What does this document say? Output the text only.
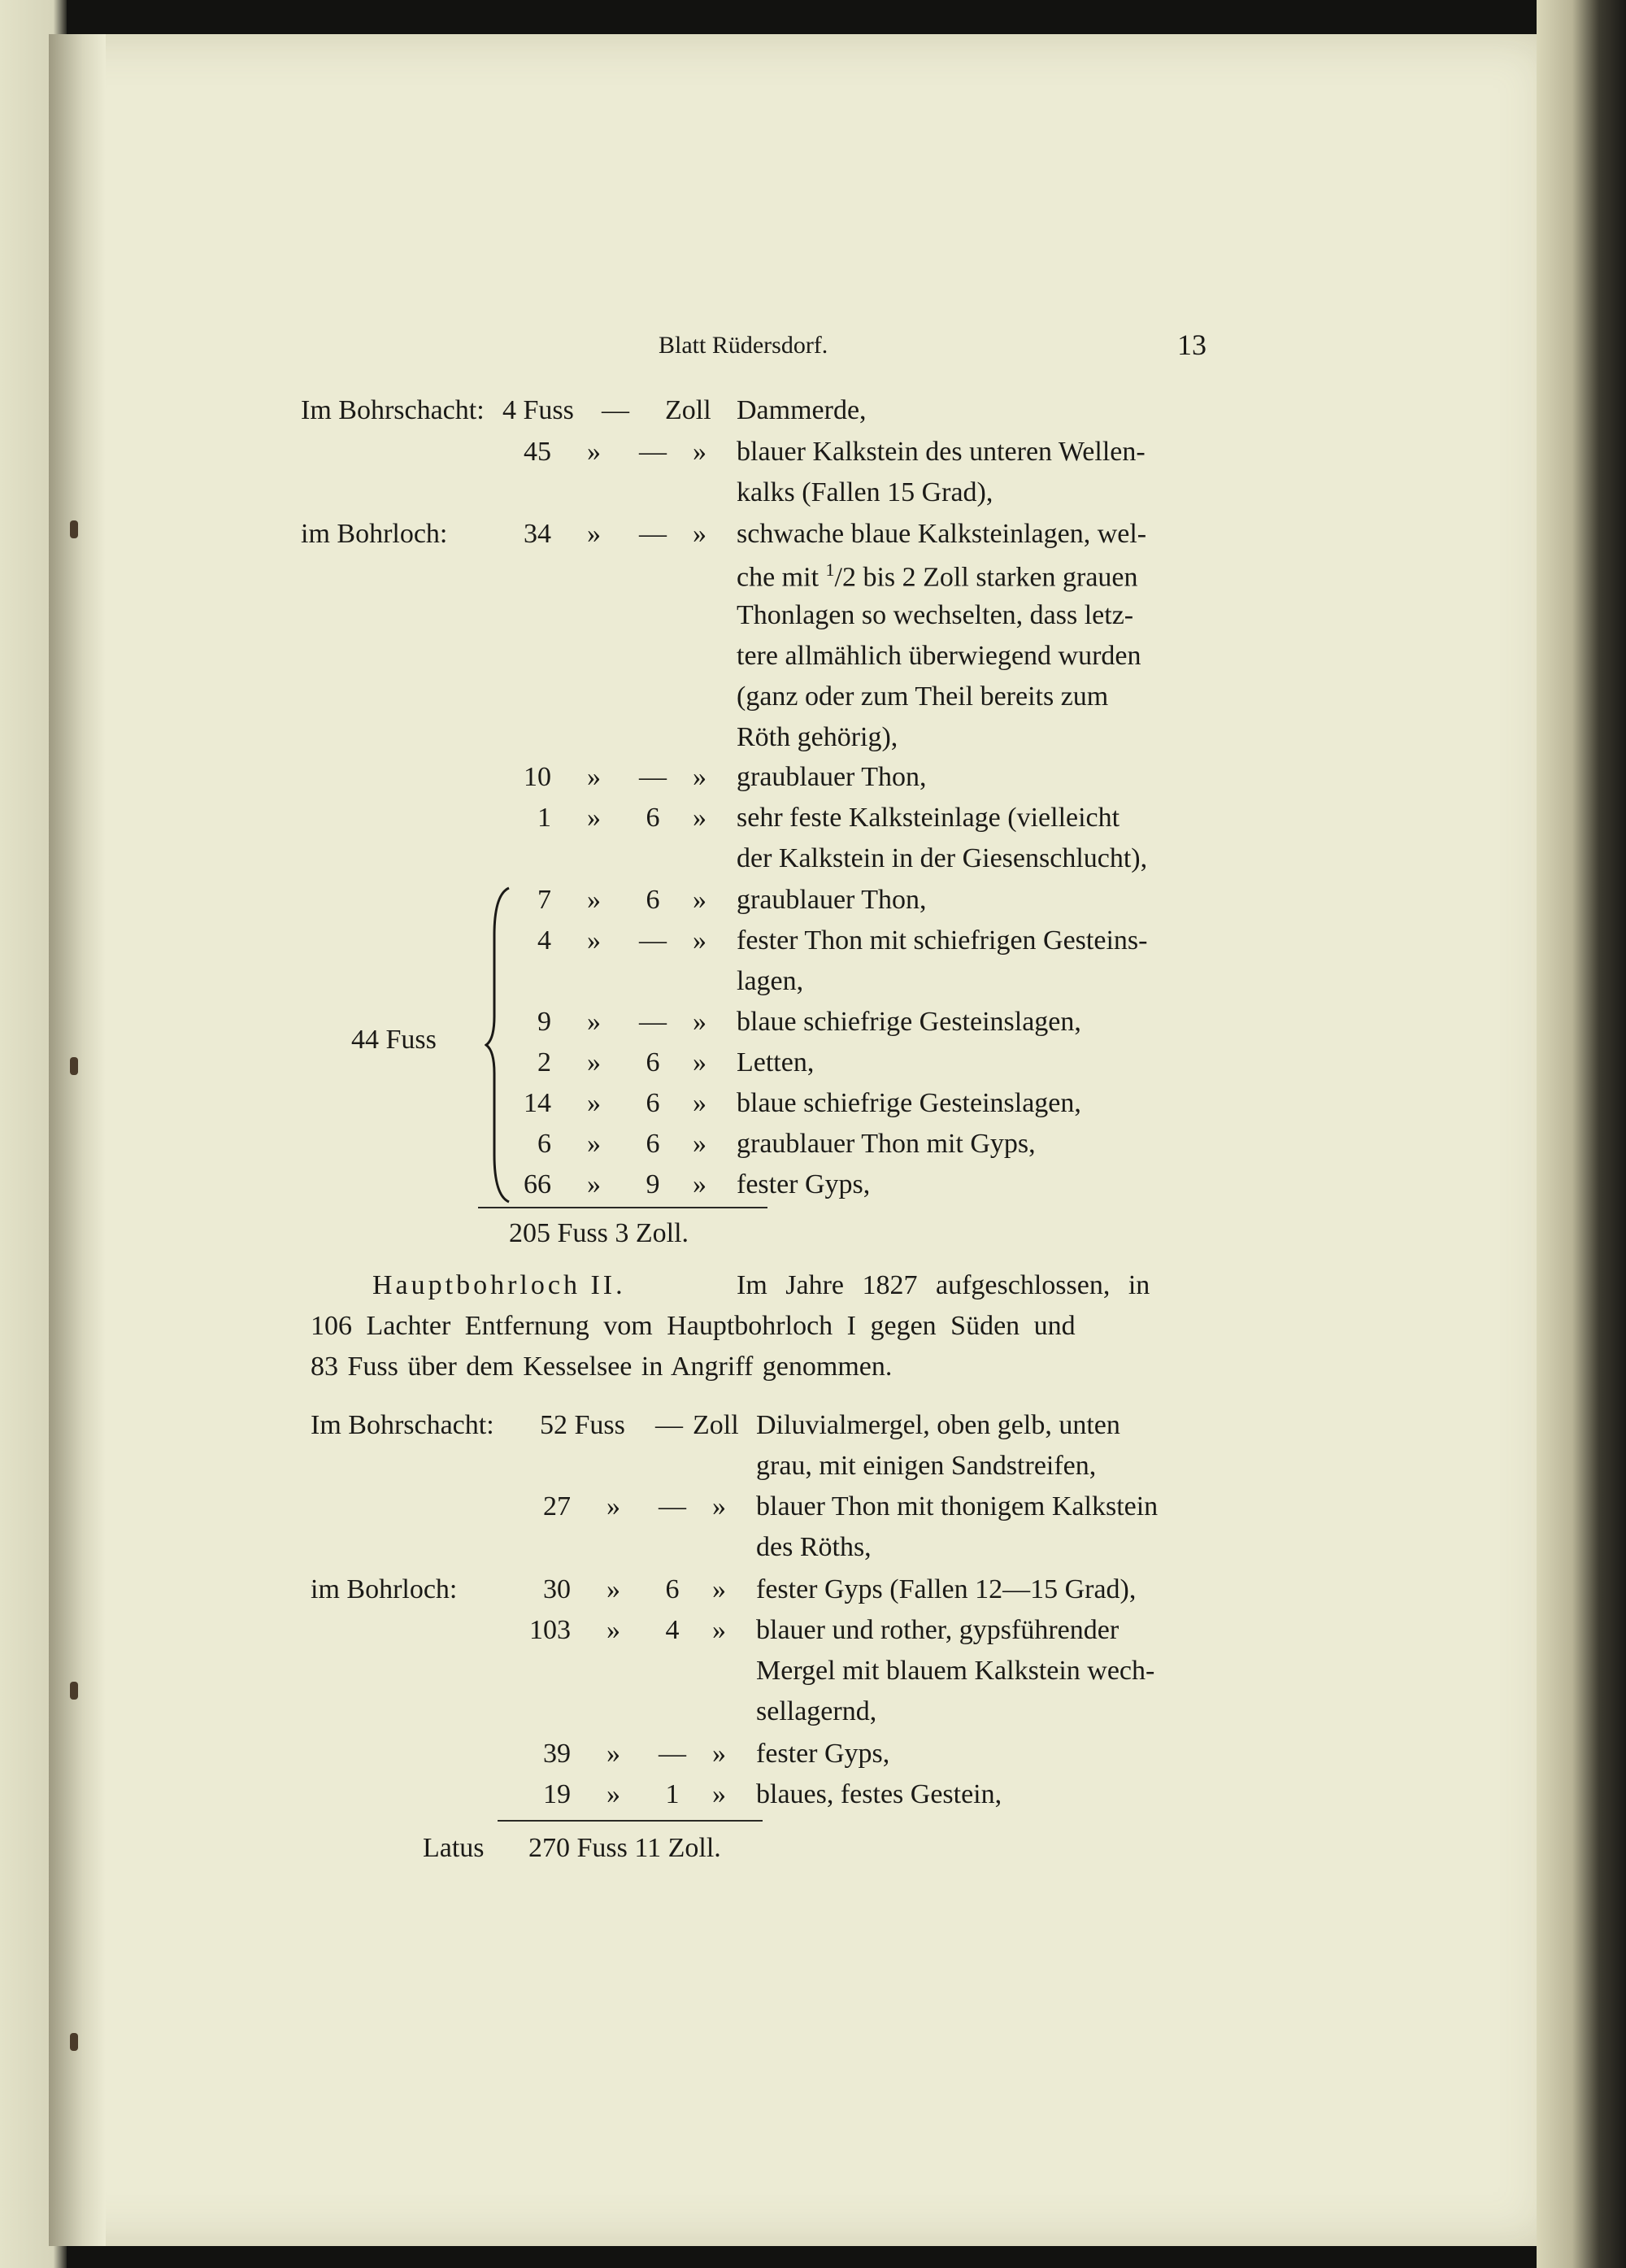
Blatt Rüdersdorf.	13
Im Bohrschacht: 4 Fuss — Zoll Dammerde,
45 »	— » blauer Kalkstein des unteren Wellen-
kalks (Fallen 15 Grad),
im Bohrloch:	34 »	— » schwache blaue Kalksteinlagen, wel-
che mit $^1$/2 bis 2 Zoll starken grauen
Thonlagen so wechselten, dass letz-
tere allmählich überwiegend wurden
(ganz oder zum Theil bereits zum
Röth gehörig),
10 »	— » graublauer Thon,
1 »	6	» sehr feste Kalksteinlage (vielleicht
der Kalkstein in der Giesenschlucht),
44 Fuss
7 »	6	» graublauer Thon,
4 »	— » fester Thon mit schiefrigen Gesteins-
lagen,
9 »	— » blaue schiefrige Gesteinslagen,
2 »	6	» Letten,
14 »	6	» blaue schiefrige Gesteinslagen,
6 »	6	» graublauer Thon mit Gyps,
66 »	9	» fester Gyps,
205 Fuss 3 Zoll.
Hauptbohrloch II.	Im Jahre 1827 aufgeschlossen, in
106 Lachter Entfernung vom Hauptbohrloch I gegen Süden und
83 Fuss über dem Kesselsee in Angriff genommen.
Im Bohrschacht: 52 Fuss — Zoll Diluvialmergel, oben gelb, unten
grau, mit einigen Sandstreifen,
27 »	— » blauer Thon mit thonigem Kalkstein
des Röths,
im Bohrloch:	30 »	6	» fester Gyps (Fallen 12—15 Grad),
103 »	4	» blauer und rother, gypsführender
Mergel mit blauem Kalkstein wech-
sellagernd,
39 »	— » fester Gyps,
19 »	1	» blaues, festes Gestein,
Latus 270 Fuss 11 Zoll.
